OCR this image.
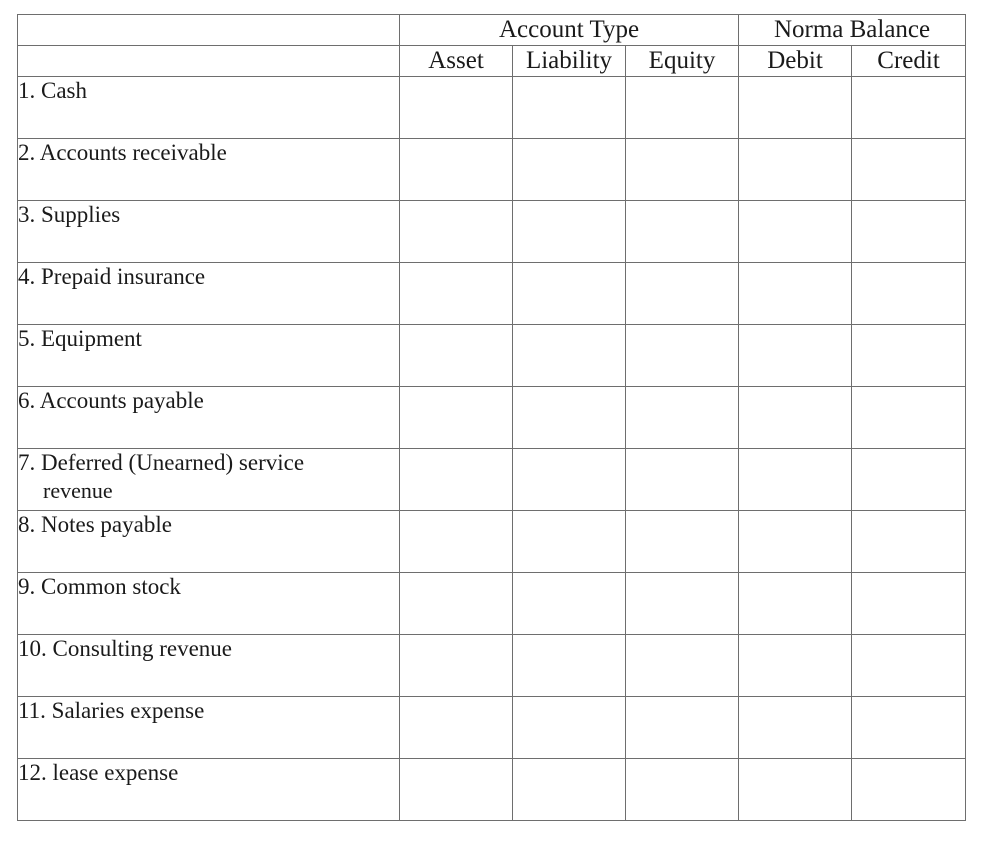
	Account Type			Norma Balance	
	Asset	Liability	Equity	Debit	Credit
1. Cash					
2. Accounts receivable					
3. Supplies					
4. Prepaid insurance					
5. Equipment					
6. Accounts payable					
7. Deferred (Unearned) service
revenue					

8. Notes payable					
9. Common stock					
10. Consulting revenue					
11. Salaries expense					
12. lease expense					
